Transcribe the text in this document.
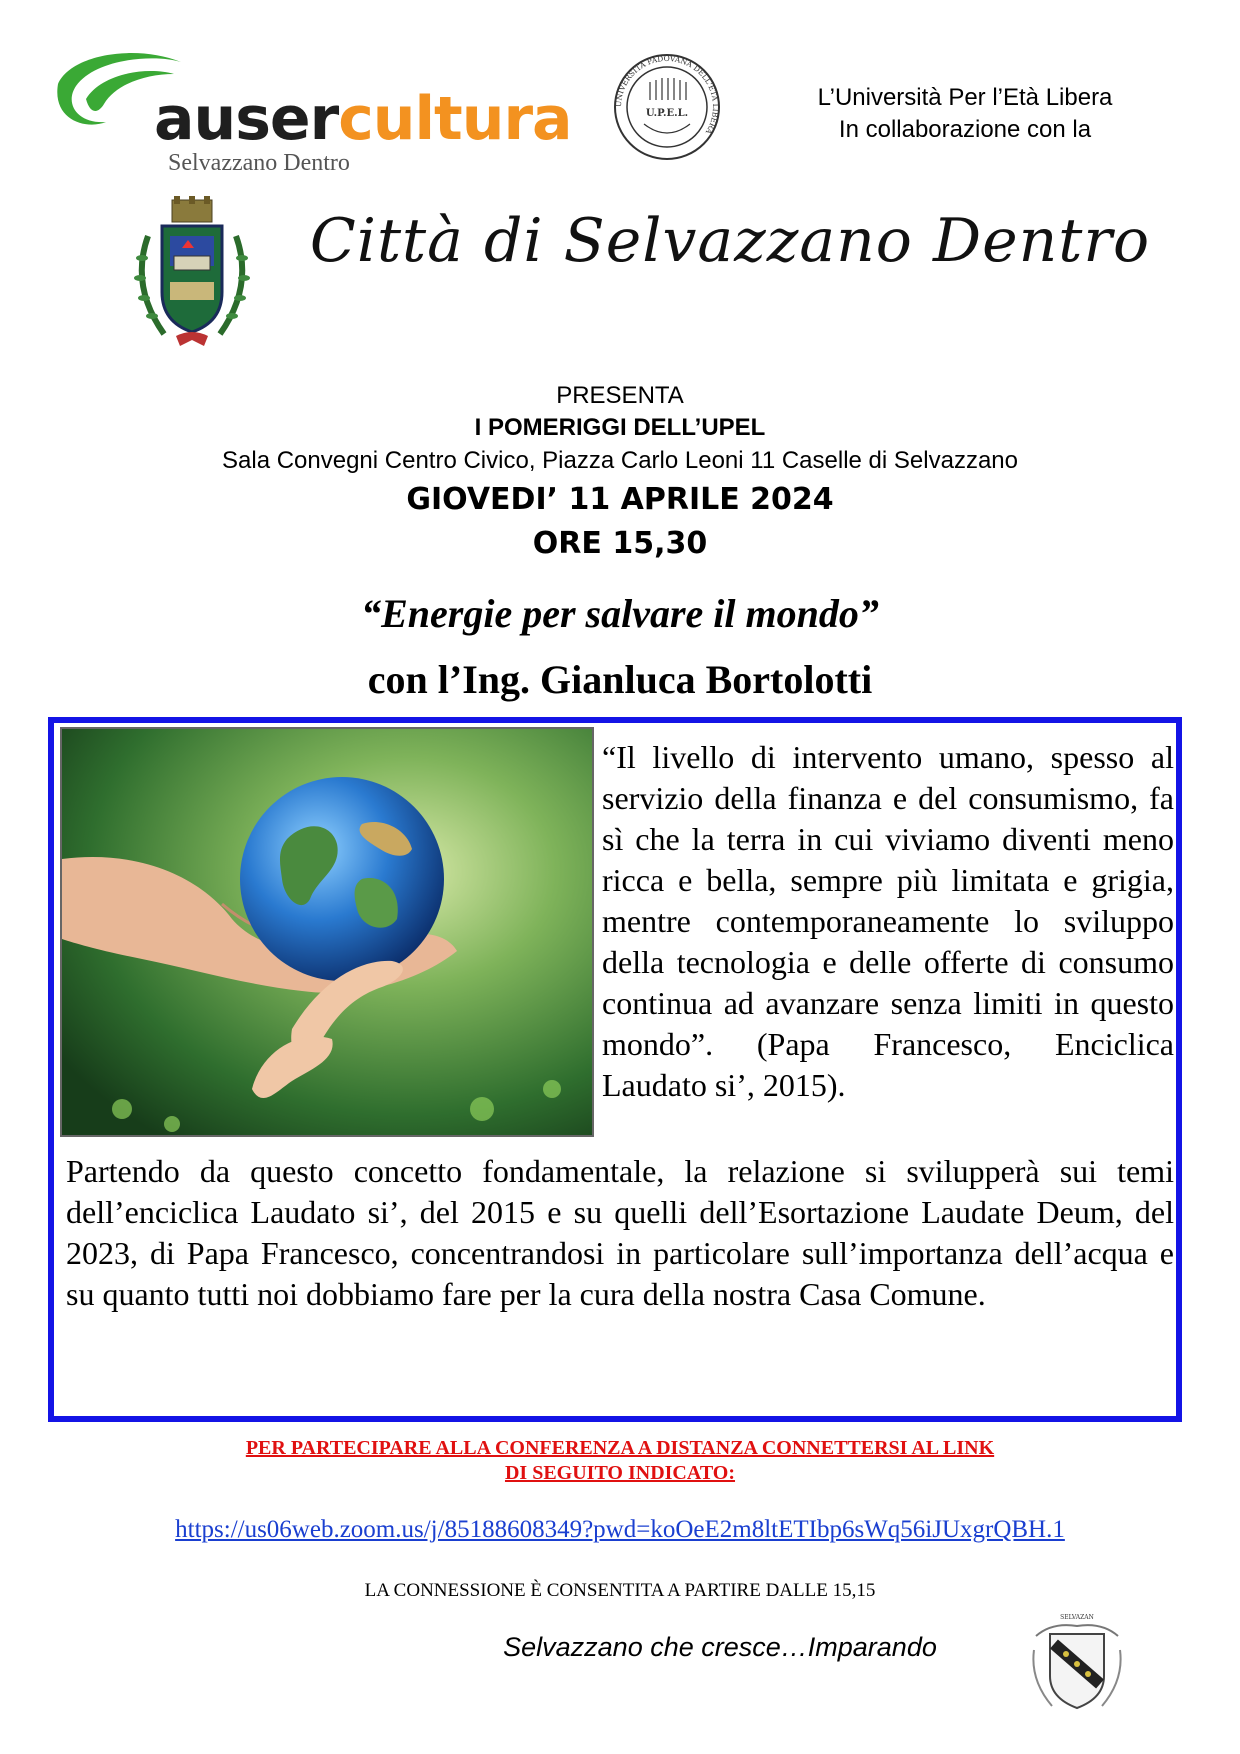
ausercultura
Selvazzano Dentro
UNIVERSITÀ PADOVANA DELL'ETÀ LIBERA
U.P.E.L.
L’Università Per l’Età Libera
In collaborazione con la
Città di Selvazzano Dentro
PRESENTA
I POMERIGGI DELL’UPEL
Sala Convegni Centro Civico, Piazza Carlo Leoni 11 Caselle di Selvazzano
GIOVEDI’ 11 APRILE 2024
ORE 15,30
“Energie per salvare il mondo”
con l’Ing. Gianluca Bortolotti
“Il livello di intervento umano, spesso al servizio della finanza e del consumismo, fa sì che la terra in cui viviamo diventi meno ricca e bella, sempre più limitata e grigia, mentre contemporaneamente lo sviluppo della tecnologia e delle offerte di consumo continua ad avanzare senza limiti in questo mondo”. (Papa Francesco, Enciclica Laudato si’, 2015).
Partendo da questo concetto fondamentale, la relazione si svilupperà sui temi dell’enciclica Laudato si’, del 2015 e su quelli dell’Esortazione Laudate Deum, del 2023, di Papa Francesco, concentrandosi in particolare sull’importanza dell’acqua e su quanto tutti noi dobbiamo fare per la cura della nostra Casa Comune.
PER PARTECIPARE ALLA CONFERENZA A DISTANZA CONNETTERSI AL LINK
DI SEGUITO INDICATO:
https://us06web.zoom.us/j/85188608349?pwd=koOeE2m8ltETIbp6sWq56iJUxgrQBH.1
LA CONNESSIONE È CONSENTITA A PARTIRE DALLE 15,15
Selvazzano che cresce…Imparando
SELVAZAN
